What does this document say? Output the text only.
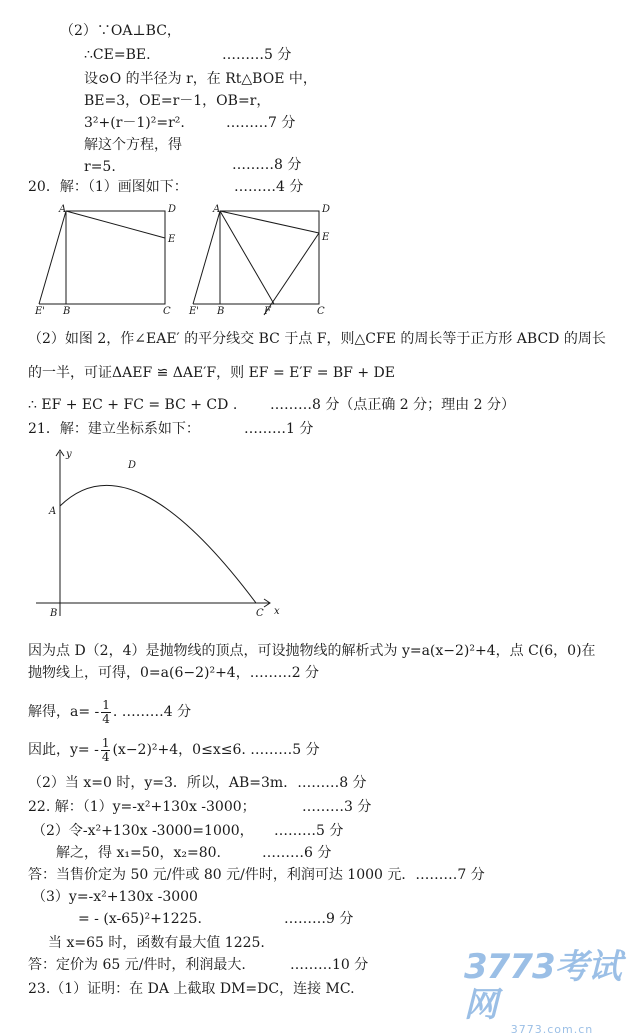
（2）∵OA⊥BC，
∴CE=BE.	………5 分
设⊙O 的半径为 r，在 Rt△BOE 中，
BE=3，OE=r－1，OB=r，
3²+(r－1)²=r².	………7 分
解这个方程，得
r=5.	………8 分
20．解：（1）画图如下：	………4 分
A	D
E
E' B	C
A	D
E
E' B	F	C
（2）如图 2，作∠EAE′ 的平分线交 BC 于点 F，则△CFE 的周长等于正方形 ABCD 的周长
的一半，可证ΔAEF ≌ ΔAE′F，则 EF = E′F = BF + DE
∴ EF + EC + FC = BC + CD . ………8 分（点正确 2 分；理由 2 分）
21．解：建立坐标系如下：	………1 分
y
x
D
A
B	C
因为点 D（2，4）是抛物线的顶点，可设抛物线的解析式为 y=a(x−2)²+4，点 C(6，0)在
抛物线上，可得，0=a(6−2)²+4，………2 分
解得，$a= - \frac{1}{4}$ . ………4 分
因此，$y= - \frac{1}{4} (x-2)^2+4$，0≤x≤6. ………5 分
（2）当 x=0 时，y=3．所以，AB=3m．………8 分
22. 解：（1）y=-x²+130x -3000；	………3 分
（2）令-x²+130x -3000=1000， ………5 分
解之，得 x₁=50，x₂=80.	………6 分
答：当售价定为 50 元/件或 80 元/件时，利润可达 1000 元．………7 分
（3）y=-x²+130x -3000
= - (x-65)²+1225.	………9 分
当 x=65 时，函数有最大值 1225.
答：定价为 65 元/件时，利润最大.	………10 分
23.（1）证明：在 DA 上截取 DM=DC，连接 MC.
3773考试网
3773.com.cn
